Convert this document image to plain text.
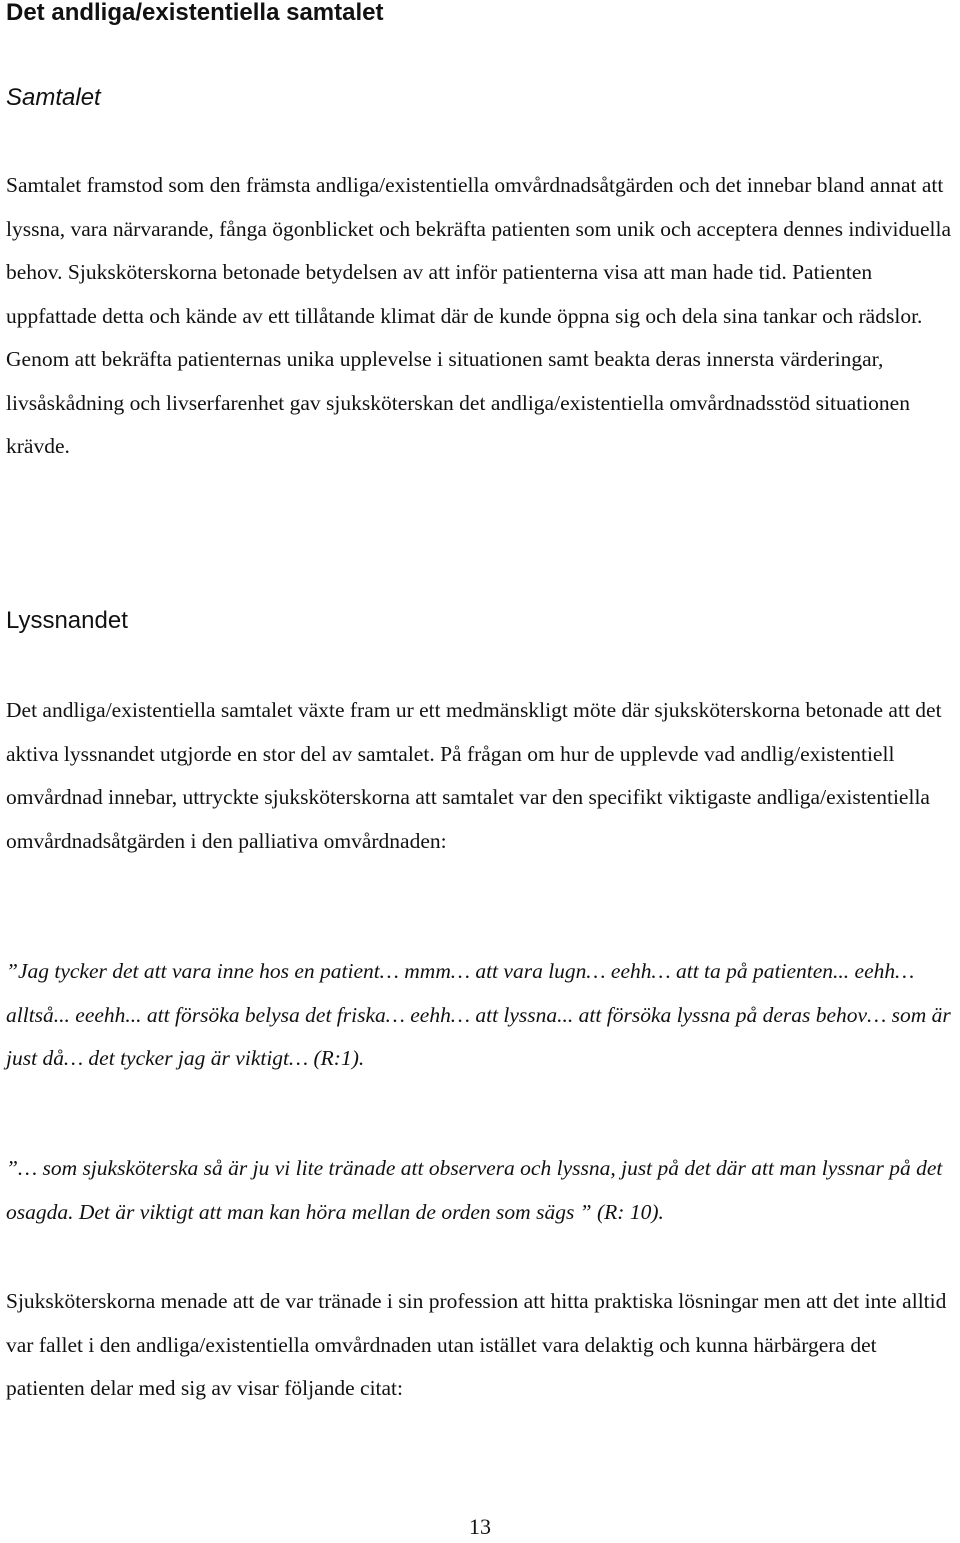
Det andliga/existentiella samtalet
Samtalet

Samtalet framstod som den främsta andliga/existentiella omvårdnadsåtgärden och det innebar bland annat att lyssna, vara närvarande, fånga ögonblicket och bekräfta patienten som unik och acceptera dennes individuella behov. Sjuksköterskorna betonade betydelsen av att inför patienterna visa att man hade tid. Patienten uppfattade detta och kände av ett tillåtande klimat där de kunde öppna sig och dela sina tankar och rädslor. Genom att bekräfta patienternas unika upplevelse i situationen samt beakta deras innersta värderingar, livsåskådning och livserfarenhet gav sjuksköterskan det andliga/existentiella omvårdnadsstöd situationen krävde.

Lyssnandet

Det andliga/existentiella samtalet växte fram ur ett medmänskligt möte där sjuksköterskorna betonade att det aktiva lyssnandet utgjorde en stor del av samtalet. På frågan om hur de upplevde vad andlig/existentiell omvårdnad innebar, uttryckte sjuksköterskorna att samtalet var den specifikt viktigaste andliga/existentiella omvårdnadsåtgärden i den palliativa omvårdnaden:

”Jag tycker det att vara inne hos en patient… mmm… att vara lugn… eehh… att ta på patienten... eehh… alltså... eeehh... att försöka belysa det friska… eehh… att lyssna... att försöka lyssna på deras behov… som är just då… det tycker jag är viktigt… (R:1).

”… som sjuksköterska så är ju vi lite tränade att observera och lyssna, just på det där att man lyssnar på det osagda. Det är viktigt att man kan höra mellan de orden som sägs ” (R: 10).

Sjuksköterskorna menade att de var tränade i sin profession att hitta praktiska lösningar men att det inte alltid var fallet i den andliga/existentiella omvårdnaden utan istället vara delaktig och kunna härbärgera det patienten delar med sig av visar följande citat:

13
